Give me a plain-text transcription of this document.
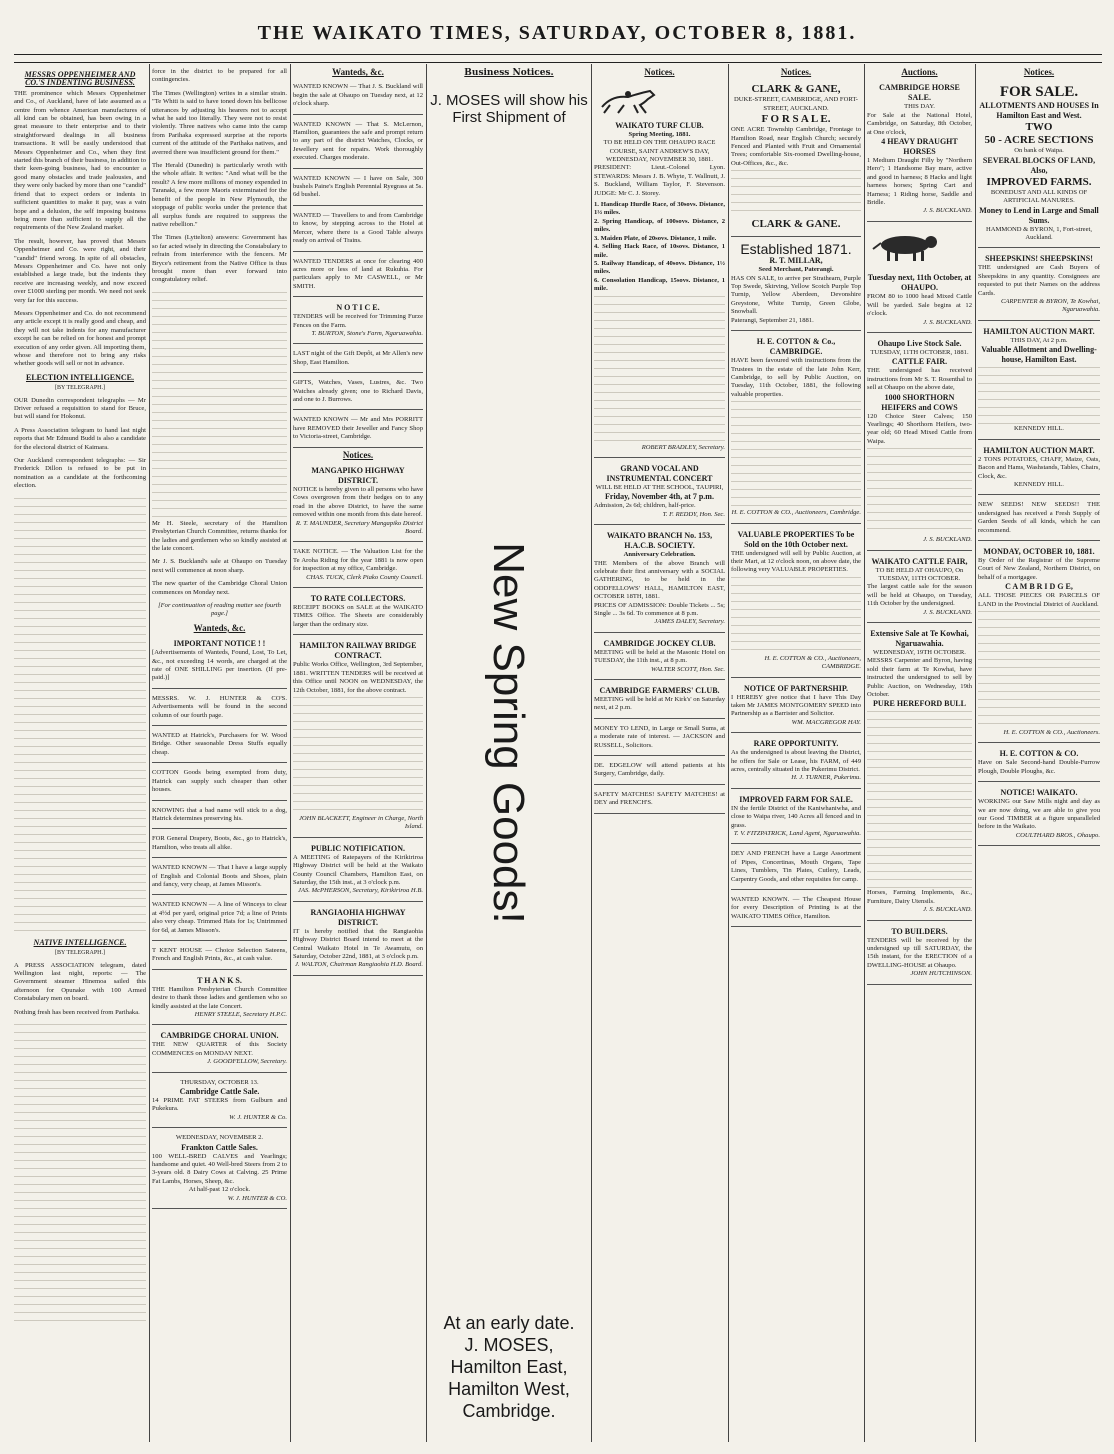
THE WAIKATO TIMES, SATURDAY, OCTOBER 8, 1881.
MESSRS OPPENHEIMER AND CO.'S INDENTING BUSINESS.

THE prominence which Messrs Oppenheimer and Co., of Auckland, have of late assumed as a centre from whence American manufactures of all kind can be obtained, has been owing in a great measure to their enterprise and to their straightforward dealings in all business transactions. It will be easily understood that Messrs Oppenheimer and Co., when they first started this branch of their business, in addition to their keen-going business, had to encounter a good many obstacles and trade jealousies, and they were only backed by more than one "candid" friend that to expect orders or indents in sufficient quantities to make it pay, was a vain hope and a delusion, the self imposing business being more than sufficient to supply all the requirements of the New Zealand market.

The result, however, has proved that Messrs Oppenheimer and Co. were right, and their "candid" friend wrong. In spite of all obstacles, Messrs Oppenheimer and Co. have not only established a large trade, but the indents they receive are increasing weekly, and now exceed over £1000 sterling per month. We need not seek very far for this success.

Messrs Oppenheimer and Co. do not recommend any article except it is really good and cheap, and they will not take indents for any manufacturer except he can be relied on for honest and prompt execution of any order given. All importing them, whose and therefore not to bring any risks whether goods will sell or not in advance.

ELECTION INTELLIGENCE.
[BY TELEGRAPH.]

OUR Dunedin correspondent telegraphs — Mr Driver refused a requisition to stand for Bruce, but will stand for Hokonui.

A Press Association telegram to hand last night reports that Mr Edmund Budd is also a candidate for the electoral district of Kaimara.

Our Auckland correspondent telegraphs: — Sir Frederick Dillon is refused to be put in nomination as a candidate at the forthcoming election.

NATIVE INTELLIGENCE.
[BY TELEGRAPH.]

A PRESS ASSOCIATION telegram, dated Wellington last night, reports: — The Government steamer Hinemoa sailed this afternoon for Opunake with 100 Armed Constabulary men on board.

Nothing fresh has been received from Parihaka.

force in the district to be prepared for all contingencies.

The Times (Wellington) writes in a similar strain. "Te Whiti is said to have toned down his bellicose utterances by adjusting his hearers not to accept what he said too literally. They were not to resist violently. Three natives who came into the camp from Parihaka expressed surprise at the reports current of the attitude of the Parihaka natives, and averred there was insufficient ground for them."

The Herald (Dunedin) is particularly wroth with the whole affair. It writes: "And what will be the result? A few more millions of money expended in Taranaki, a few more Maoris exterminated for the benefit of the people in New Plymouth, the stoppage of public works under the pretence that all surplus funds are required to suppress the native rebellion."

The Times (Lyttelton) answers: Government has so far acted wisely in directing the Constabulary to refrain from interference with the fencers. Mr Bryce's retirement from the Native Office is thus brought more than ever forward into congratulatory relief.

Mr H. Steele, secretary of the Hamilton Presbyterian Church Committee, returns thanks for the ladies and gentlemen who so kindly assisted at the late concert.

Mr J. S. Buckland's sale at Ohaupo on Tuesday next will commence at noon sharp.

The new quarter of the Cambridge Choral Union commences on Monday next.

[For continuation of reading matter see fourth page.]

Wanteds, &c.
IMPORTANT NOTICE ! !
[Advertisements of Wanteds, Found, Lost, To Let, &c., not exceeding 14 words, are charged at the rate of ONE SHILLING per insertion. (If pre-paid.)]
MESSRS. W. J. HUNTER & CO'S. Advertisements will be found in the second column of our fourth page.
WANTED at Hatrick's, Purchasers for W. Wood Bridge. Other seasonable Dress Stuffs equally cheap.
COTTON Goods being exempted from duty, Hatrick can supply such cheaper than other houses.
KNOWING that a bad name will stick to a dog, Hatrick determines preserving his.
FOR General Drapery, Boots, &c., go to Hatrick's, Hamilton, who treats all alike.
WANTED KNOWN — That I have a large supply of English and Colonial Boots and Shoes, plain and fancy, very cheap, at James Misson's.
WANTED KNOWN — A line of Winceys to clear at 4½d per yard, original price 7d; a line of Prints also very cheap. Trimmed Hats for 1s; Untrimmed for 6d, at James Misson's.
T KENT HOUSE — Choice Selection Sateens, French and English Prints, &c., at cash value.
T H A N K S.
THE Hamilton Presbyterian Church Committee desire to thank those ladies and gentlemen who so kindly assisted at the late Concert.
HENRY STEELE, Secretary H.P.C.
CAMBRIDGE CHORAL UNION.
THE NEW QUARTER of this Society COMMENCES on MONDAY NEXT.
J. GOODFELLOW, Secretary.
THURSDAY, OCTOBER 13.
Cambridge Cattle Sale.
14 PRIME FAT STEERS from Gulburn and Pukekura.
W. J. HUNTER & Co.
WEDNESDAY, NOVEMBER 2.
Frankton Cattle Sales.
100 WELL-BRED CALVES and Yearlings; handsome and quiet. 40 Well-bred Steers from 2 to 3-years old. 8 Dairy Cows at Calving. 25 Prime Fat Lambs, Horses, Sheep, &c.
At half-past 12 o'clock.
W. J. HUNTER & CO.
Wanteds, &c.
WANTED KNOWN — That J. S. Buckland will begin the sale at Ohaupo on Tuesday next, at 12 o'clock sharp.
WANTED KNOWN — That S. McLernon, Hamilton, guarantees the safe and prompt return to any part of the district Watches, Clocks, or Jewellery sent for repairs. Work thoroughly executed. Charges moderate.
WANTED KNOWN — I have on Sale, 300 bushels Paine's English Perennial Ryegrass at 5s. 6d bushel.
WANTED — Travellers to and from Cambridge to know, by stepping across to the Hotel at Mercer, where there is a Good Table always ready on arrival of Trains.
WANTED TENDERS at once for clearing 400 acres more or less of land at Rukuhia. For particulars apply to Mr CASWELL, or Mr SMITH.
N O T I C E.
TENDERS will be received for Trimming Furze Fences on the Farm.
T. BURTON, Stone's Farm, Ngaruawahia.
LAST night of the Gift Depôt, at Mr Allen's new Shop, East Hamilton.
GIFTS, Watches, Vases, Lustres, &c. Two Watches already given; one to Richard Davis, and one to J. Burrows.
WANTED KNOWN — Mr and Mrs PORRITT have REMOVED their Jeweller and Fancy Shop to Victoria-street, Cambridge.
Notices.
MANGAPIKO HIGHWAY DISTRICT.
NOTICE is hereby given to all persons who have Cows overgrown from their hedges on to any road in the above District, to have the same removed within one month from this date hereof.
R. T. MAUNDER, Secretary Mangapiko District Board.
TAKE NOTICE. — The Valuation List for the Te Aroha Riding for the year 1881 is now open for inspection at my office, Cambridge.
CHAS. TUCK, Clerk Piako County Council.
TO RATE COLLECTORS.
RECEIPT BOOKS on SALE at the WAIKATO TIMES Office. The Sheets are considerably larger than the ordinary size.
HAMILTON RAILWAY BRIDGE CONTRACT.
Public Works Office, Wellington, 3rd September, 1881. WRITTEN TENDERS will be received at this Office until NOON on WEDNESDAY, the 12th October, 1881, for the above contract.
JOHN BLACKETT, Engineer in Charge, North Island.
PUBLIC NOTIFICATION.
A MEETING of Ratepayers of the Kirikiriroa Highway District will be held at the Waikato County Council Chambers, Hamilton East, on Saturday, the 15th inst., at 3 o'clock p.m.
JAS. McPHERSON, Secretary, Kirikiriroa H.B.
RANGIAOHIA HIGHWAY DISTRICT.
IT is hereby notified that the Rangiaohia Highway District Board intend to meet at the Central Waikato Hotel in Te Awamutu, on Saturday, October 22nd, 1881, at 3 o'clock p.m.
J. WALTON, Chairman Rangiaohia H.D. Board.
Business Notices.
J. MOSES will show his First Shipment of
New Spring Goods!
At an early date.
J. MOSES,
Hamilton East,
Hamilton West,
Cambridge.
Notices.
WAIKATO TURF CLUB.
Spring Meeting, 1881.
TO BE HELD ON THE OHAUPO RACE COURSE, SAINT ANDREW'S DAY, WEDNESDAY, NOVEMBER 30, 1881.
PRESIDENT: Lieut.-Colonel Lyon. STEWARDS: Messrs J. B. Whyte, T. Wallnutt, J. S. Buckland, William Taylor, F. Stevenson. JUDGE: Mr C. J. Storey.
1. Handicap Hurdle Race, of 30sovs. Distance, 1½ miles.
2. Spring Handicap, of 100sovs. Distance, 2 miles.
3. Maiden Plate, of 20sovs. Distance, 1 mile.
4. Selling Hack Race, of 10sovs. Distance, 1 mile.
5. Railway Handicap, of 40sovs. Distance, 1½ miles.
6. Consolation Handicap, 15sovs. Distance, 1 mile.
ROBERT BRADLEY, Secretary.
GRAND VOCAL AND INSTRUMENTAL CONCERT
WILL BE HELD AT THE SCHOOL, TAUPIRI,
Friday, November 4th, at 7 p.m.
Admission, 2s 6d; children, half-price.
T. F. REDDY, Hon. Sec.
WAIKATO BRANCH No. 153, H.A.C.B. SOCIETY.
Anniversary Celebration.
THE Members of the above Branch will celebrate their first anniversary with a SOCIAL GATHERING, to be held in the ODDFELLOWS' HALL, HAMILTON EAST, OCTOBER 18TH, 1881.
PRICES OF ADMISSION: Double Tickets ... 5s; Single ... 3s 6d. To commence at 8 p.m.
JAMES DALEY, Secretary.
CAMBRIDGE JOCKEY CLUB.
MEETING will be held at the Masonic Hotel on TUESDAY, the 11th inst., at 8 p.m.
WALTER SCOTT, Hon. Sec.
CAMBRIDGE FARMERS' CLUB.
MEETING will be held at Mr Kirk's' on Saturday next, at 2 p.m.
MONEY TO LEND, in Large or Small Sums, at a moderate rate of interest. — JACKSON and RUSSELL, Solicitors.
DE. EDGELOW will attend patients at his Surgery, Cambridge, daily.
SAFETY MATCHES! SAFETY MATCHES! at DEY and FRENCH'S.
Notices.
CLARK & GANE,
DUKE-STREET, CAMBRIDGE, AND FORT-STREET, AUCKLAND.
F O R S A L E.
ONE ACRE Township Cambridge, Frontage to Hamilton Road, near English Church; securely Fenced and Planted with Fruit and Ornamental Trees; comfortable Six-roomed Dwelling-house, Out-Offices, &c., &c.
CLARK & GANE.
Established 1871.
R. T. MILLAR,
Seed Merchant, Paterangi.
HAS ON SALE, to arrive per Strathearn, Purple Top Swede, Skirving, Yellow Scotch Purple Top Turnip, Yellow Aberdeen, Devonshire Greystone, White Turnip, Green Globe, Snowball.
Paterangi, September 21, 1881.
H. E. COTTON & Co., CAMBRIDGE.
HAVE been favoured with instructions from the Trustees in the estate of the late John Kerr, Cambridge, to sell by Public Auction, on Tuesday, 11th October, 1881, the following valuable properties.
H. E. COTTON & CO., Auctioneers, Cambridge.
VALUABLE PROPERTIES To be Sold on the 10th October next.
THE undersigned will sell by Public Auction, at their Mart, at 12 o'clock noon, on above date, the following very VALUABLE PROPERTIES.
H. E. COTTON & CO., Auctioneers, CAMBRIDGE.
NOTICE OF PARTNERSHIP.
I HEREBY give notice that I have This Day taken Mr JAMES MONTGOMERY SPEED into Partnership as a Barrister and Solicitor.
WM. MACGREGOR HAY.
RARE OPPORTUNITY.
As the undersigned is about leaving the District, he offers for Sale or Lease, his FARM, of 449 acres, centrally situated in the Pukerimu District.
H. J. TURNER, Pukerimu.
IMPROVED FARM FOR SALE.
IN the fertile District of the Kaniwhaniwha, and close to Waipa river, 140 Acres all fenced and in grass.
T. V. FITZPATRICK, Land Agent, Ngaruawahia.
DEY AND FRENCH have a Large Assortment of Pipes, Concertinas, Mouth Organs, Tape Lines, Tumblers, Tin Plates, Cutlery, Leads, Carpentry Goods, and other requisites for camp.
WANTED KNOWN. — The Cheapest House for every Description of Printing is at the WAIKATO TIMES Office, Hamilton.
Auctions.
CAMBRIDGE HORSE SALE.
THIS DAY.
For Sale at the National Hotel, Cambridge, on Saturday, 8th October, at One o'clock,
4 HEAVY DRAUGHT HORSES
1 Medium Draught Filly by "Northern Hero"; 1 Handsome Bay mare, active and good in harness; 8 Hacks and light harness horses; Spring Cart and Harness; 1 Riding horse, Saddle and Bridle.
J. S. BUCKLAND.
Tuesday next, 11th October, at OHAUPO.
FROM 80 to 1000 head Mixed Cattle Will be yarded. Sale begins at 12 o'clock.
J. S. BUCKLAND.
Ohaupo Live Stock Sale.
TUESDAY, 11TH OCTOBER, 1881.
CATTLE FAIR.
THE undersigned has received instructions from Mr S. T. Rosenthal to sell at Ohaupo on the above date,
1000 SHORTHORN HEIFERS and COWS
120 Choice Steer Calves; 150 Yearlings; 40 Shorthorn Heifers, two-year old; 60 Head Mixed Cattle from Waipa.
J. S. BUCKLAND.
WAIKATO CATTLE FAIR,
TO BE HELD AT OHAUPO, On TUESDAY, 11TH OCTOBER.
The largest cattle sale for the season will be held at Ohaupo, on Tuesday, 11th October by the undersigned.
J. S. BUCKLAND.
Extensive Sale at Te Kowhai, Ngaruawahia.
WEDNESDAY, 19TH OCTOBER.
MESSRS Carpenter and Byron, having sold their farm at Te Kowhai, have instructed the undersigned to sell by Public Auction, on Wednesday, 19th October.
PURE HEREFORD BULL
Horses, Farming Implements, &c., Furniture, Dairy Utensils.
J. S. BUCKLAND.
TO BUILDERS.
TENDERS will be received by the undersigned up till SATURDAY, the 15th instant, for the ERECTION of a DWELLING-HOUSE at Ohaupo.
JOHN HUTCHINSON.
Notices.
FOR SALE.
ALLOTMENTS AND HOUSES In Hamilton East and West.
TWO
50 - ACRE SECTIONS
On bank of Waipa.
SEVERAL BLOCKS OF LAND, Also,
IMPROVED FARMS.
BONEDUST AND ALL KINDS OF ARTIFICIAL MANURES.
Money to Lend in Large and Small Sums.
HAMMOND & BYRON, 1, Fort-street, Auckland.
SHEEPSKINS! SHEEPSKINS!
THE undersigned are Cash Buyers of Sheepskins in any quantity. Consignees are requested to put their Names on the address Cards.
CARPENTER & BYRON, Te Kowhai, Ngaruawahia.
HAMILTON AUCTION MART.
THIS DAY, At 2 p.m.
Valuable Allotment and Dwelling-house, Hamilton East.
KENNEDY HILL.
HAMILTON AUCTION MART.
2 TONS POTATOES, CHAFF, Maize, Oats, Bacon and Hams, Washstands, Tables, Chairs, Clock, &c.
KENNEDY HILL.
NEW SEEDS! NEW SEEDS!! THE undersigned has received a Fresh Supply of Garden Seeds of all kinds, which he can recommend.
MONDAY, OCTOBER 10, 1881.
By Order of the Registrar of the Supreme Court of New Zealand, Northern District, on behalf of a mortgagee.
C A M B R I D G E,
ALL THOSE PIECES OR PARCELS OF LAND in the Provincial District of Auckland.
H. E. COTTON & CO., Auctioneers.
H. E. COTTON & CO.
Have on Sale Second-hand Double-Furrow Plough, Double Ploughs, &c.
NOTICE! WAIKATO.
WORKING our Saw Mills night and day as we are now doing, we are able to give you our Good TIMBER at a figure unparalleled before in the Waikato.
COULTHARD BROS., Ohaupo.
